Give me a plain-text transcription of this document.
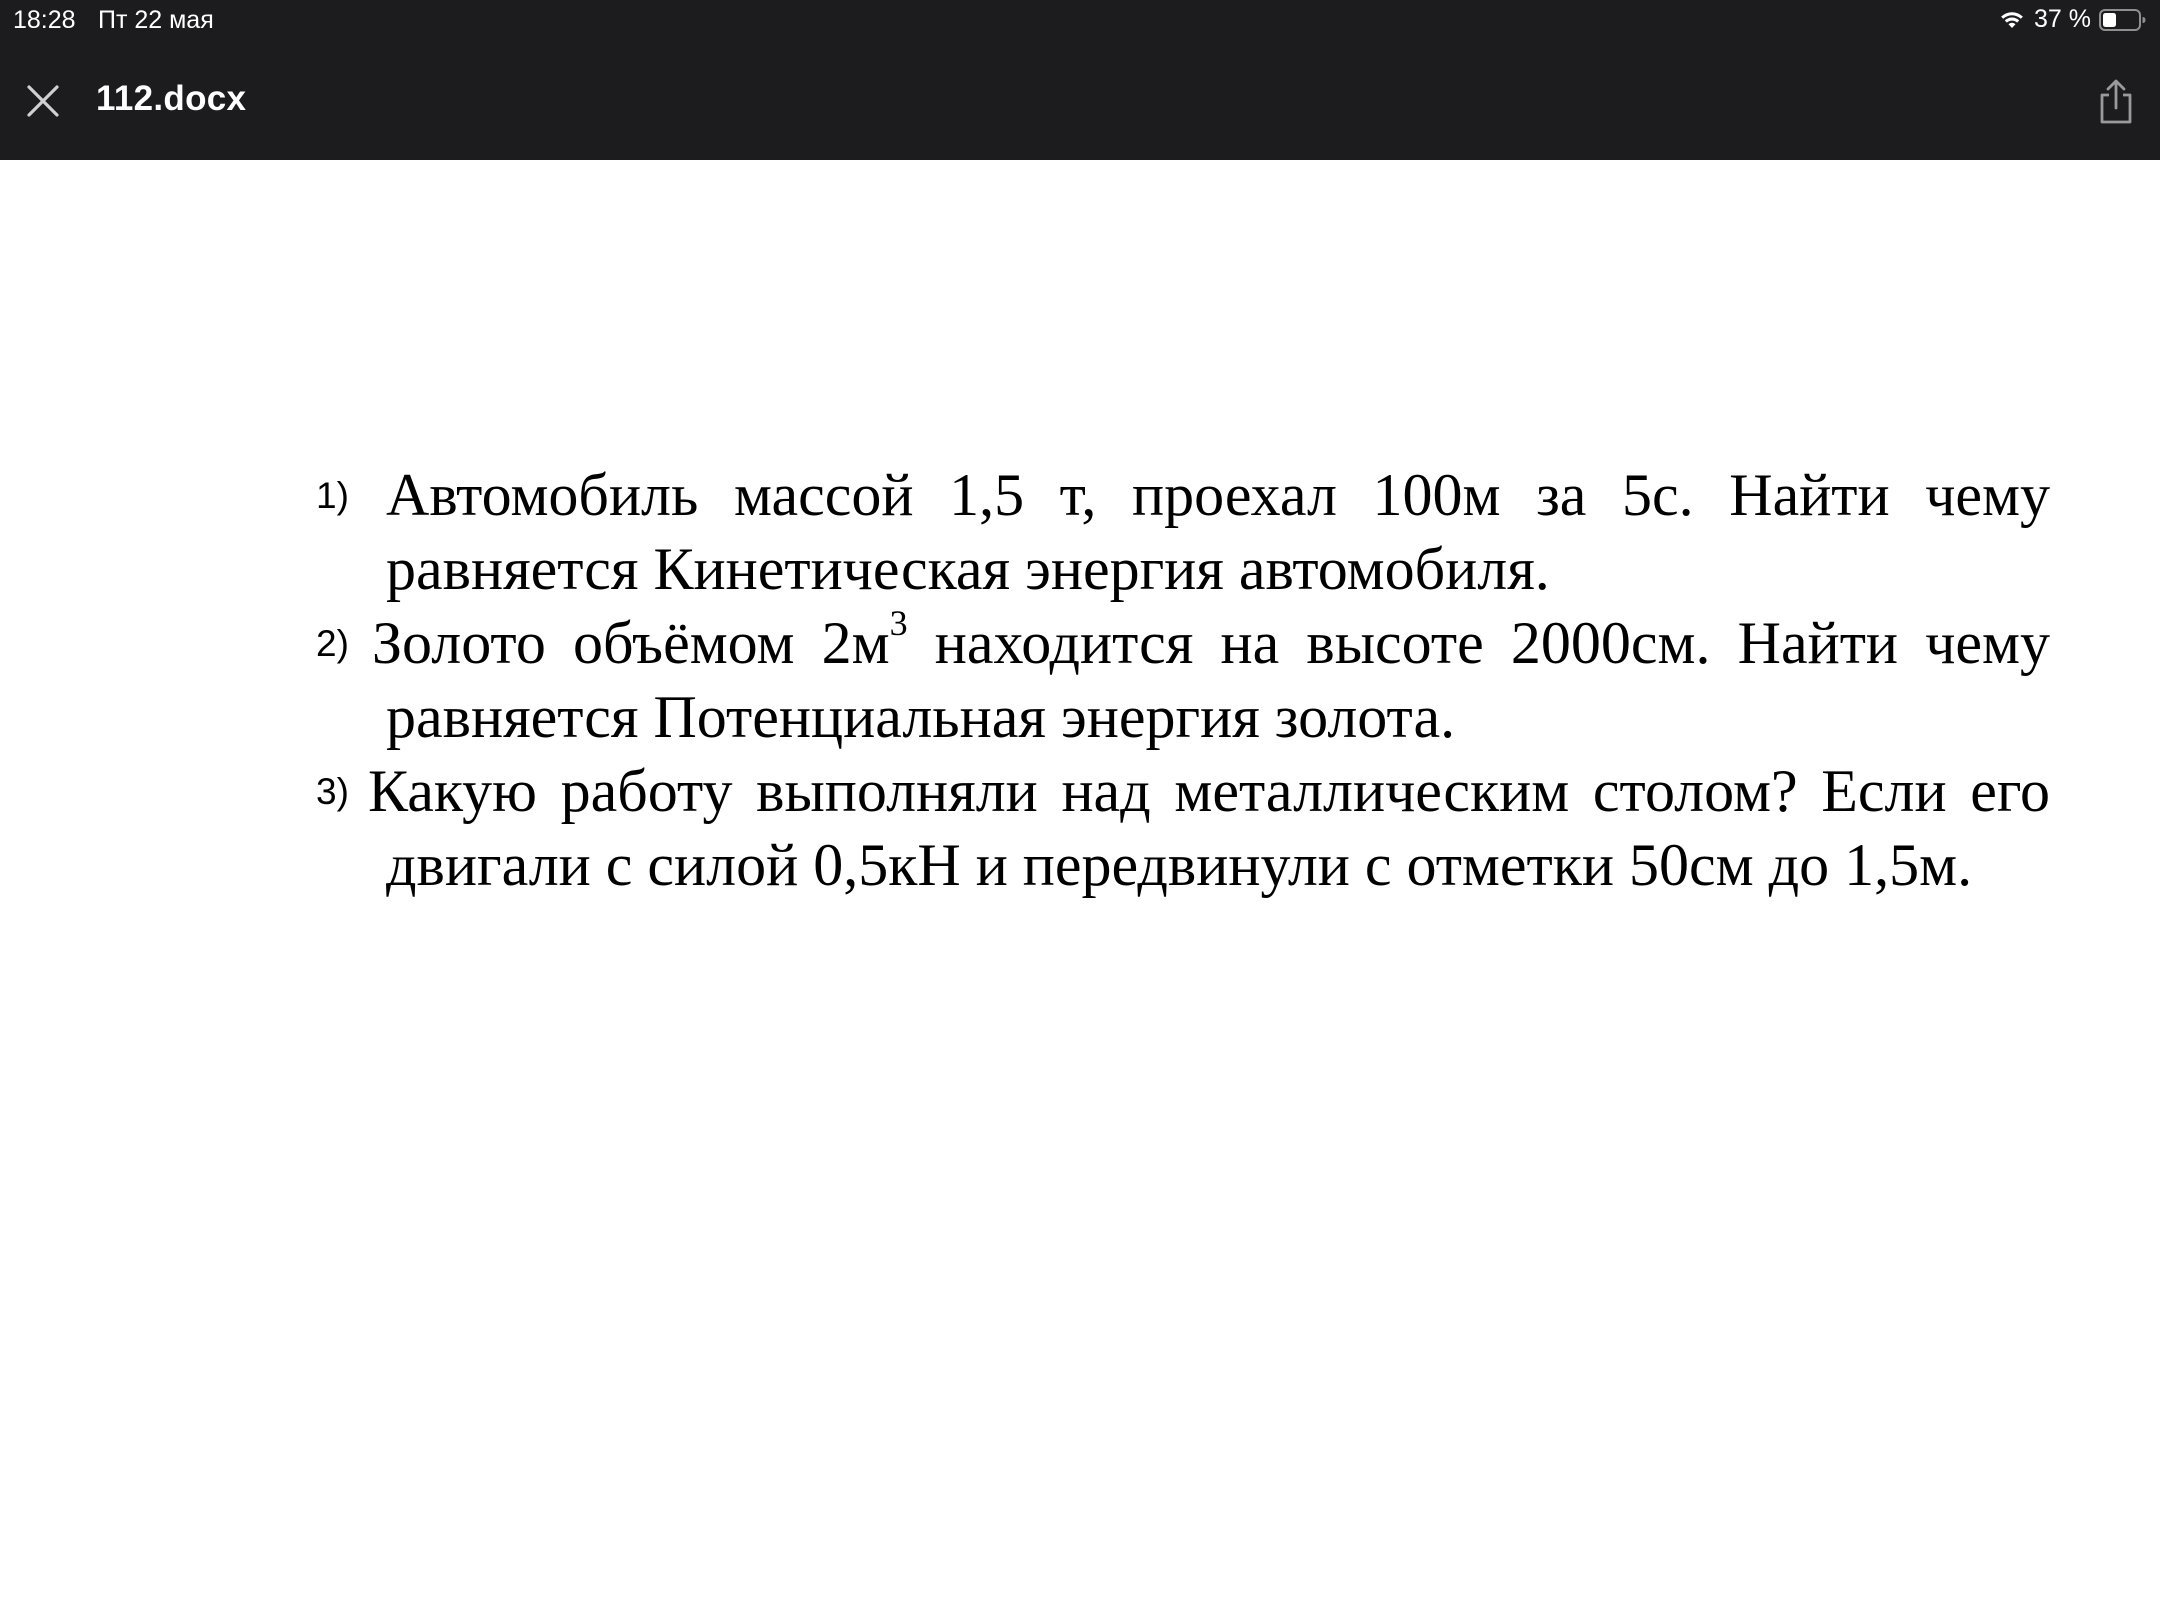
18:28 Пт 22 мая	37 %
112.docx
1) Автомобиль массой 1,5 т, проехал 100м за 5с. Найти чему равняется Кинетическая энергия автомобиля.
2) Золото объёмом $2м^3$ находится на высоте 2000см. Найти чему равняется Потенциальная энергия золота.
3) Какую работу выполняли над металлическим столом? Если его двигали с силой 0,5кН и передвинули с отметки 50см до 1,5м.
